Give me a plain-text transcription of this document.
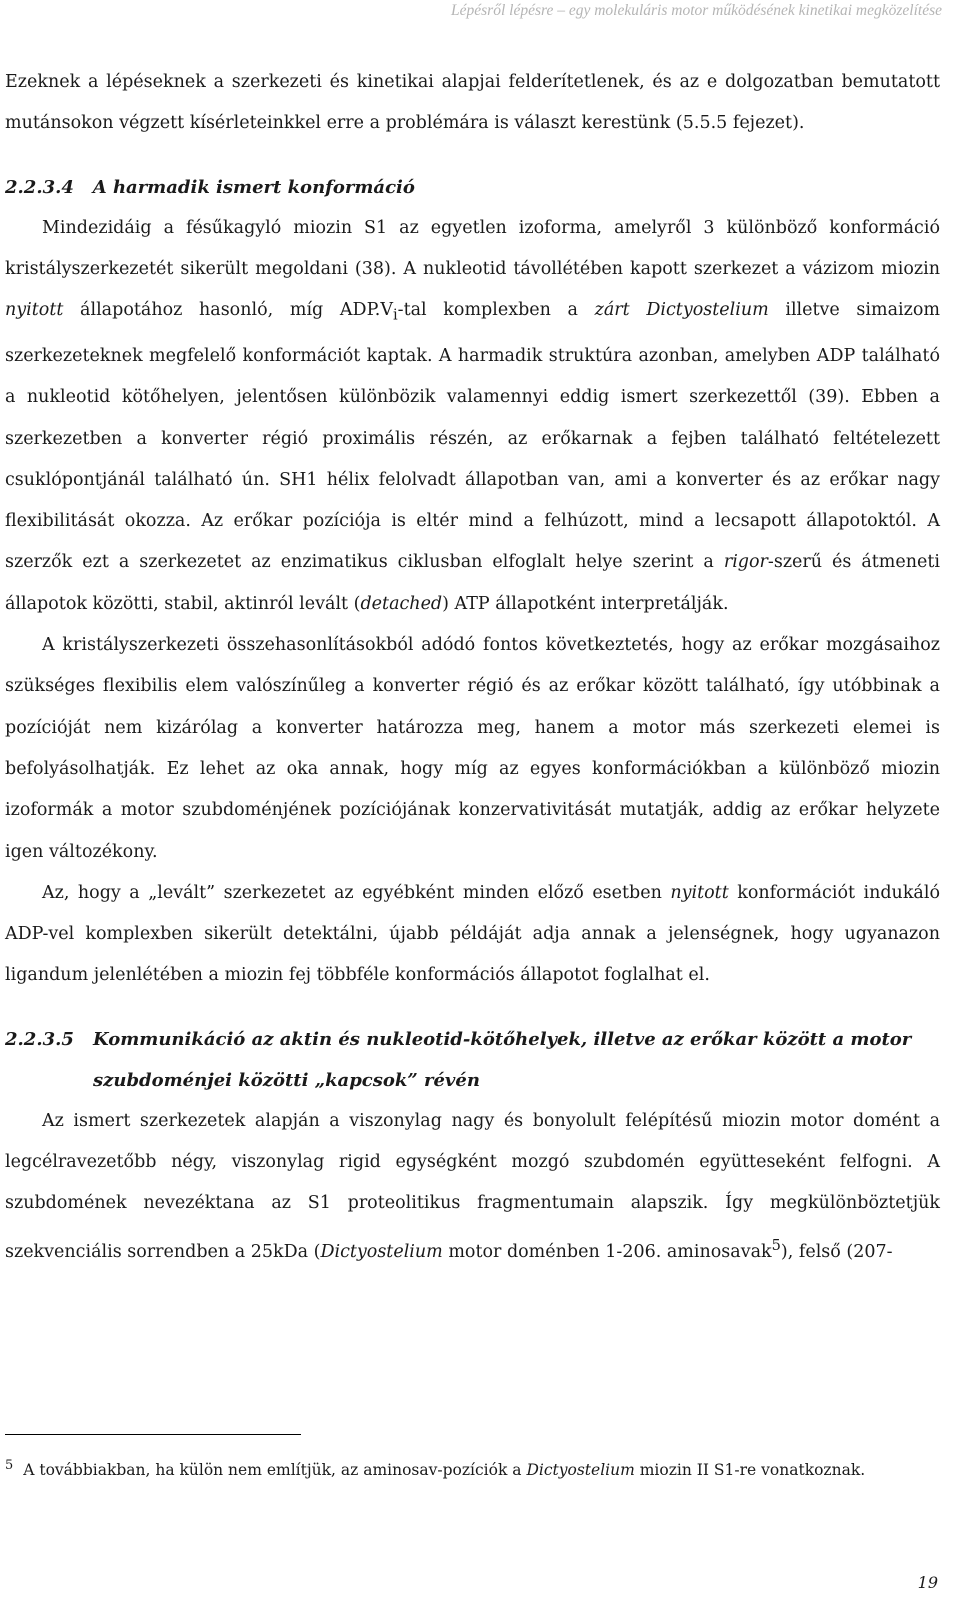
Lépésről lépésre – egy molekuláris motor működésének kinetikai megközelítése

Ezeknek a lépéseknek a szerkezeti és kinetikai alapjai felderítetlenek, és az e dolgozatban bemutatott mutánsokon végzett kísérleteinkkel erre a problémára is választ kerestünk (5.5.5 fejezet).

2.2.3.4 A harmadik ismert konformáció

Mindezidáig a fésűkagyló miozin S1 az egyetlen izoforma, amelyről 3 különböző konformáció kristályszerkezetét sikerült megoldani (38). A nukleotid távollétében kapott szerkezet a vázizom miozin nyitott állapotához hasonló, míg $ADP.V_i$-tal komplexben a zárt Dictyostelium illetve simaizom szerkezeteknek megfelelő konformációt kaptak. A harmadik struktúra azonban, amelyben ADP található a nukleotid kötőhelyen, jelentősen különbözik valamennyi eddig ismert szerkezettől (39). Ebben a szerkezetben a konverter régió proximális részén, az erőkarnak a fejben található feltételezett csuklópontjánál található ún. SH1 hélix felolvadt állapotban van, ami a konverter és az erőkar nagy flexibilitását okozza. Az erőkar pozíciója is eltér mind a felhúzott, mind a lecsapott állapotoktól. A szerzők ezt a szerkezetet az enzimatikus ciklusban elfoglalt helye szerint a rigor-szerű és átmeneti állapotok közötti, stabil, aktinról levált (detached) ATP állapotként interpretálják.

A kristályszerkezeti összehasonlításokból adódó fontos következtetés, hogy az erőkar mozgásaihoz szükséges flexibilis elem valószínűleg a konverter régió és az erőkar között található, így utóbbinak a pozícióját nem kizárólag a konverter határozza meg, hanem a motor más szerkezeti elemei is befolyásolhatják. Ez lehet az oka annak, hogy míg az egyes konformációkban a különböző miozin izoformák a motor szubdoménjének pozíciójának konzervativitását mutatják, addig az erőkar helyzete igen változékony.

Az, hogy a „levált” szerkezetet az egyébként minden előző esetben nyitott konformációt indukáló ADP-vel komplexben sikerült detektálni, újabb példáját adja annak a jelenségnek, hogy ugyanazon ligandum jelenlétében a miozin fej többféle konformációs állapotot foglalhat el.

2.2.3.5	Kommunikáció az aktin és nukleotid-kötőhelyek, illetve az erőkar között a motor szubdoménjei közötti „kapcsok” révén

Az ismert szerkezetek alapján a viszonylag nagy és bonyolult felépítésű miozin motor domént a legcélravezetőbb négy, viszonylag rigid egységként mozgó szubdomén együtteseként felfogni. A szubdomének nevezéktana az S1 proteolitikus fragmentumain alapszik. Így megkülönböztetjük szekvenciális sorrendben a 25kDa (Dictyostelium motor doménben 1-206. aminosavak$^5$), felső (207-

$^5$ A továbbiakban, ha külön nem említjük, az aminosav-pozíciók a Dictyostelium miozin II S1-re vonatkoznak.
19
